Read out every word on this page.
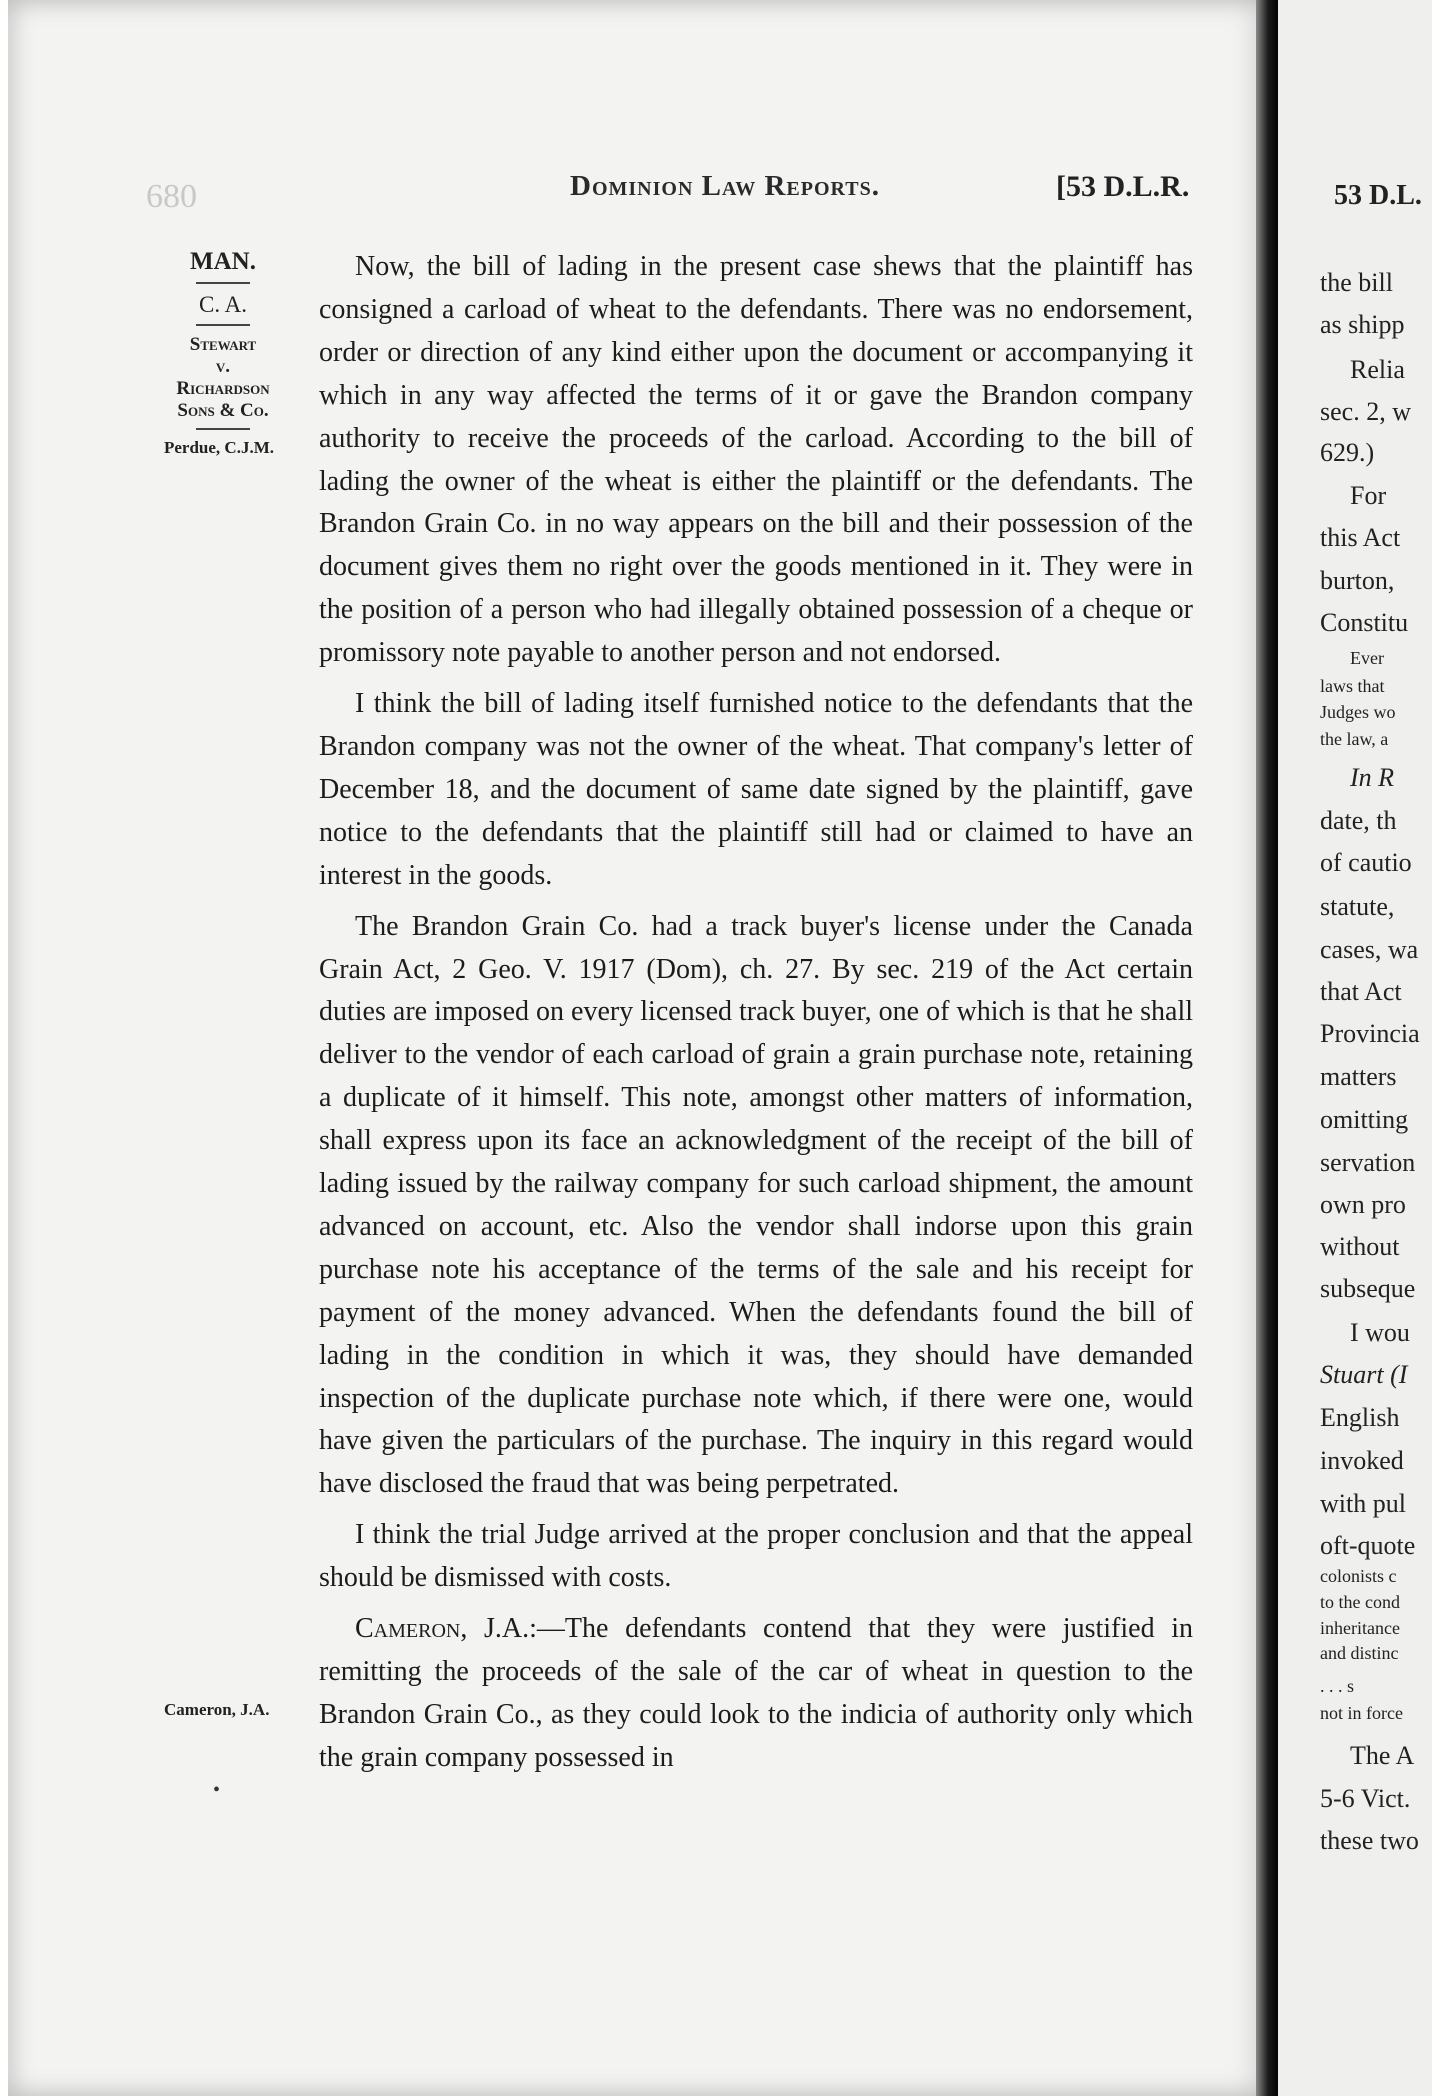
680	Dominion Law Reports.	[53 D.L.R.
MAN.
C. A.
Stewart
v.
Richardson
Sons & Co.
Perdue, C.J.M.
Cameron, J.A.
•

Now, the bill of lading in the present case shews that the plaintiff has consigned a carload of wheat to the defendants. There was no endorsement, order or direction of any kind either upon the document or accompanying it which in any way affected the terms of it or gave the Brandon company authority to receive the proceeds of the carload. According to the bill of lading the owner of the wheat is either the plaintiff or the defendants. The Brandon Grain Co. in no way appears on the bill and their possession of the document gives them no right over the goods mentioned in it. They were in the position of a person who had illegally obtained possession of a cheque or promissory note payable to another person and not endorsed.

I think the bill of lading itself furnished notice to the defendants that the Brandon company was not the owner of the wheat. That company's letter of December 18, and the document of same date signed by the plaintiff, gave notice to the defendants that the plaintiff still had or claimed to have an interest in the goods.

The Brandon Grain Co. had a track buyer's license under the Canada Grain Act, 2 Geo. V. 1917 (Dom), ch. 27. By sec. 219 of the Act certain duties are imposed on every licensed track buyer, one of which is that he shall deliver to the vendor of each carload of grain a grain purchase note, retaining a duplicate of it himself. This note, amongst other matters of information, shall express upon its face an acknowledgment of the receipt of the bill of lading issued by the railway company for such carload shipment, the amount advanced on account, etc. Also the vendor shall indorse upon this grain purchase note his acceptance of the terms of the sale and his receipt for payment of the money advanced. When the defendants found the bill of lading in the condition in which it was, they should have demanded inspection of the duplicate purchase note which, if there were one, would have given the particulars of the purchase. The inquiry in this regard would have disclosed the fraud that was being perpetrated.

I think the trial Judge arrived at the proper conclusion and that the appeal should be dismissed with costs.

Cameron, J.A.:—The defendants contend that they were justified in remitting the proceeds of the sale of the car of wheat in question to the Brandon Grain Co., as they could look to the indicia of authority only which the grain company possessed in

53 D.L.
the bill
as shipp
Relia
sec. 2, w
629.)
For
this Act
burton,
Constitu
Ever
laws that
Judges wo
the law, a
In R
date, th
of cautio
statute,
cases, wa
that Act
Provincia
matters
omitting
servation
own pro
without
subseque
I wou
Stuart (I
English
invoked
with pul
oft-quote
colonists c
to the cond
inheritance
and distinc
. . . s
not in force
The A
5-6 Vict.
these two
